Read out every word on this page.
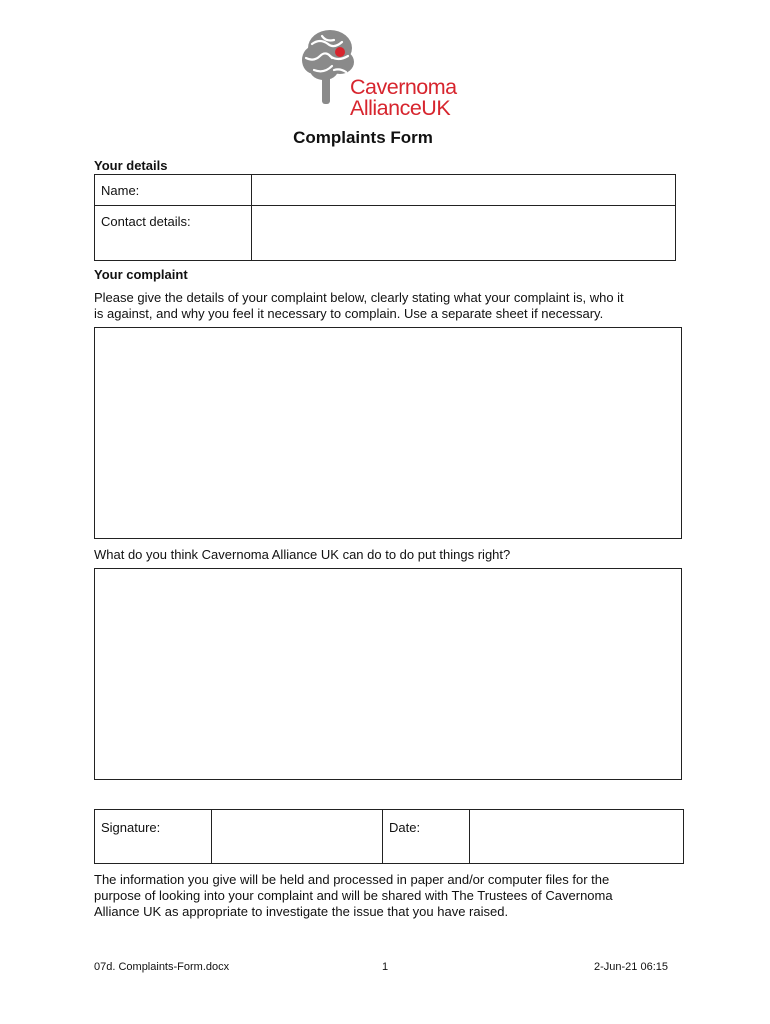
Cavernoma
AllianceUK
Complaints Form
Your details
Name:	
Contact details:	
Your complaint
Please give the details of your complaint below, clearly stating what your complaint is, who it
is against, and why you feel it necessary to complain. Use a separate sheet if necessary.
What do you think Cavernoma Alliance UK can do to do put things right?
Signature:		Date:	
The information you give will be held and processed in paper and/or computer files for the
purpose of looking into your complaint and will be shared with The Trustees of Cavernoma
Alliance UK as appropriate to investigate the issue that you have raised.
07d. Complaints-Form.docx	1	2-Jun-21 06:15
